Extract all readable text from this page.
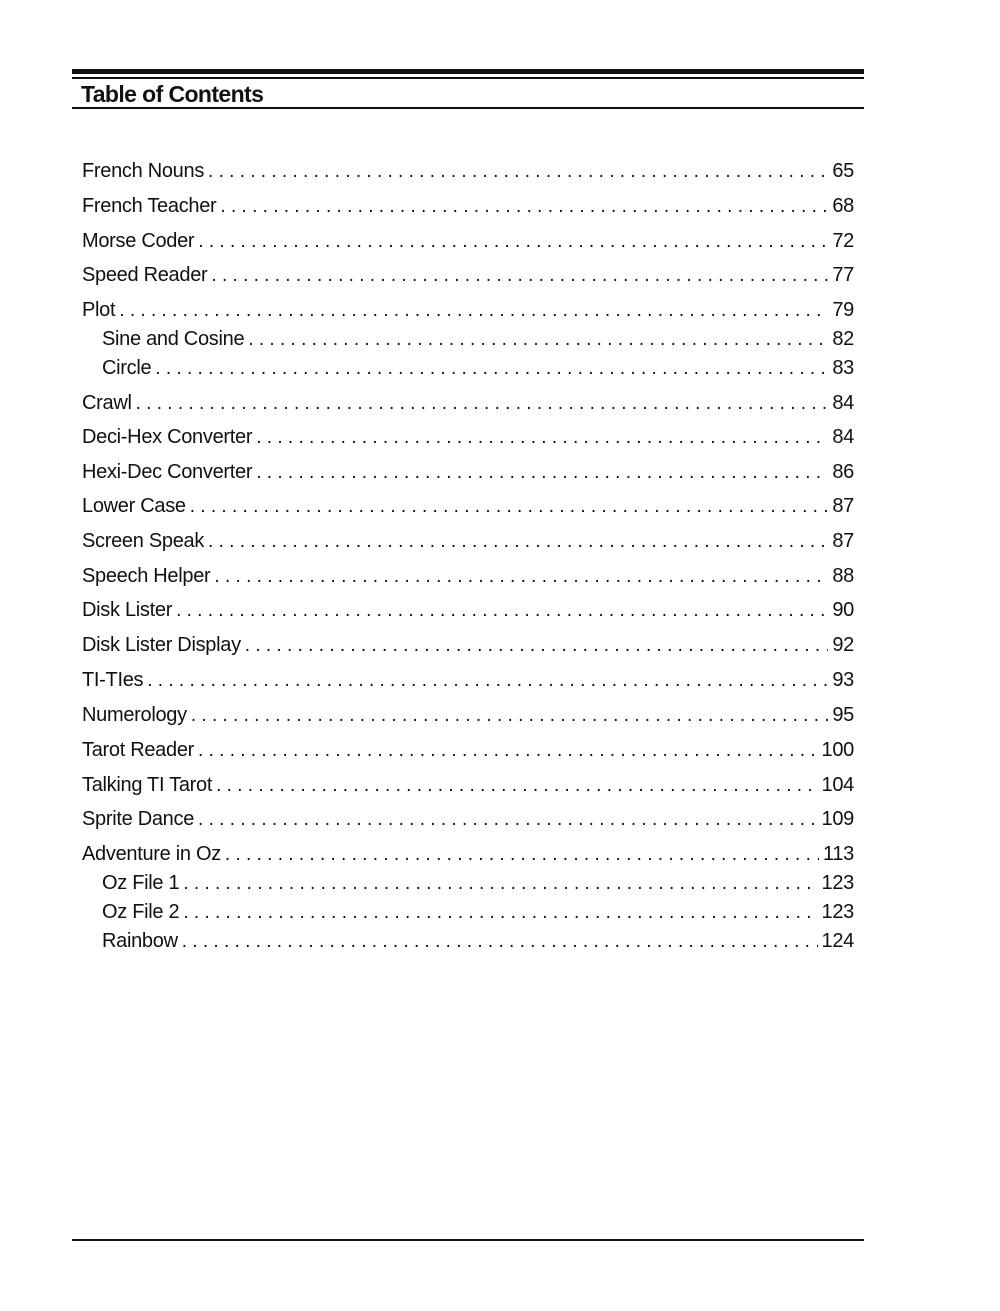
Table of Contents
French Nouns . . .	65
French Teacher . . .	68
Morse Coder . . .	72
Speed Reader . . .	77
Plot . . .	79
Sine and Cosine . . .	82
Circle . . .	83
Crawl . . .	84
Deci-Hex Converter . . .	84
Hexi-Dec Converter . . .	86
Lower Case . . .	87
Screen Speak . . .	87
Speech Helper . . .	88
Disk Lister . . .	90
Disk Lister Display . . .	92
TI-TIes . . .	93
Numerology . . .	95
Tarot Reader . . .	100
Talking TI Tarot . . .	104
Sprite Dance . . .	109
Adventure in Oz . . .	113
Oz File 1 . . .	123
Oz File 2 . . .	123
Rainbow . . .	124
